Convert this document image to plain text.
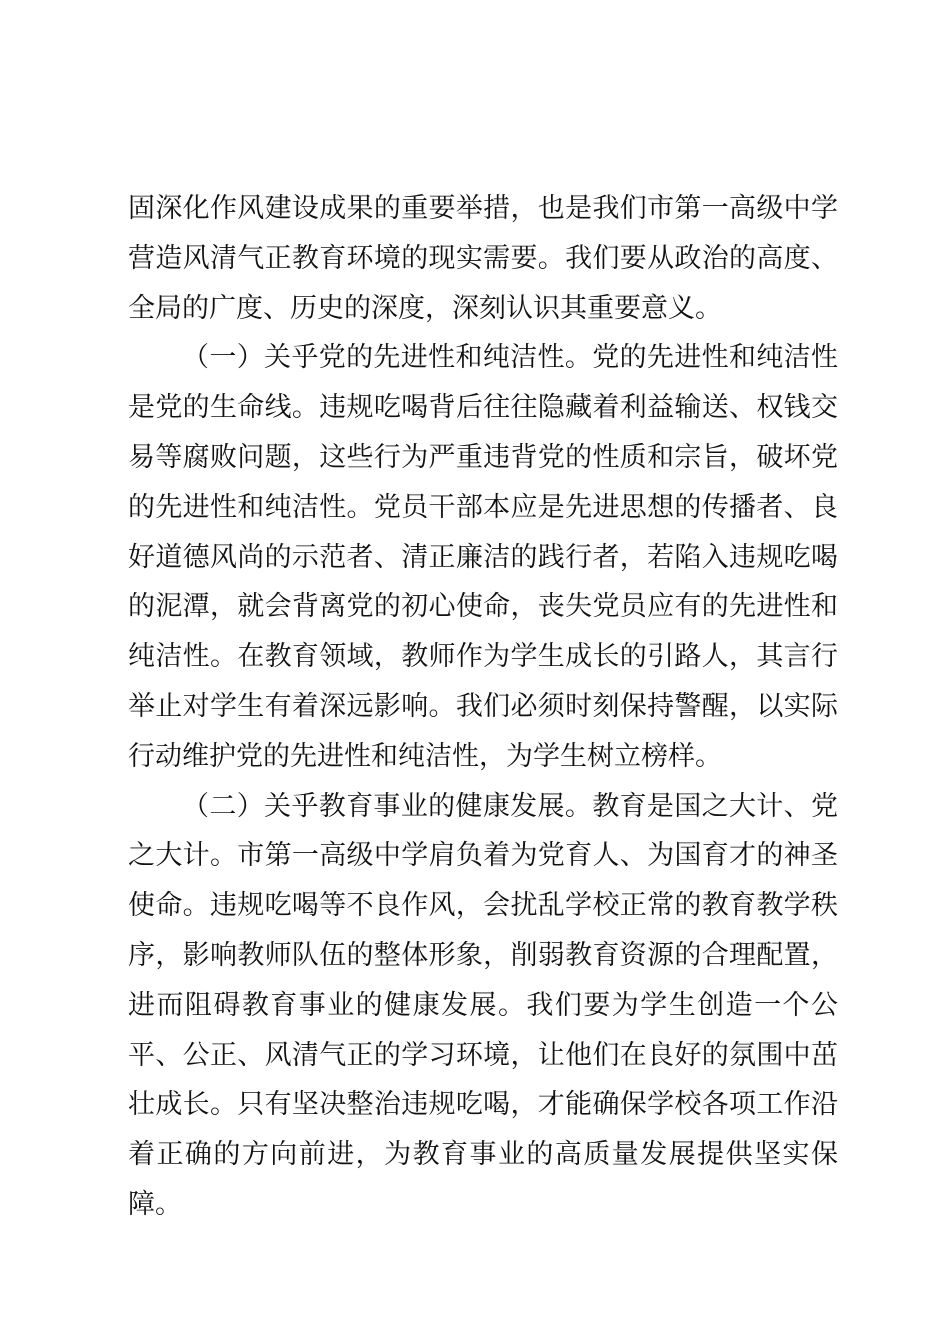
固深化作风建设成果的重要举措，也是我们市第一高级中学营造风清气正教育环境的现实需要。我们要从政治的高度、全局的广度、历史的深度，深刻认识其重要意义。

（一）关乎党的先进性和纯洁性。党的先进性和纯洁性是党的生命线。违规吃喝背后往往隐藏着利益输送、权钱交易等腐败问题，这些行为严重违背党的性质和宗旨，破坏党的先进性和纯洁性。党员干部本应是先进思想的传播者、良好道德风尚的示范者、清正廉洁的践行者，若陷入违规吃喝的泥潭，就会背离党的初心使命，丧失党员应有的先进性和纯洁性。在教育领域，教师作为学生成长的引路人，其言行举止对学生有着深远影响。我们必须时刻保持警醒，以实际行动维护党的先进性和纯洁性，为学生树立榜样。

（二）关乎教育事业的健康发展。教育是国之大计、党之大计。市第一高级中学肩负着为党育人、为国育才的神圣使命。违规吃喝等不良作风，会扰乱学校正常的教育教学秩序，影响教师队伍的整体形象，削弱教育资源的合理配置，进而阻碍教育事业的健康发展。我们要为学生创造一个公平、公正、风清气正的学习环境，让他们在良好的氛围中茁壮成长。只有坚决整治违规吃喝，才能确保学校各项工作沿着正确的方向前进，为教育事业的高质量发展提供坚实保障。
